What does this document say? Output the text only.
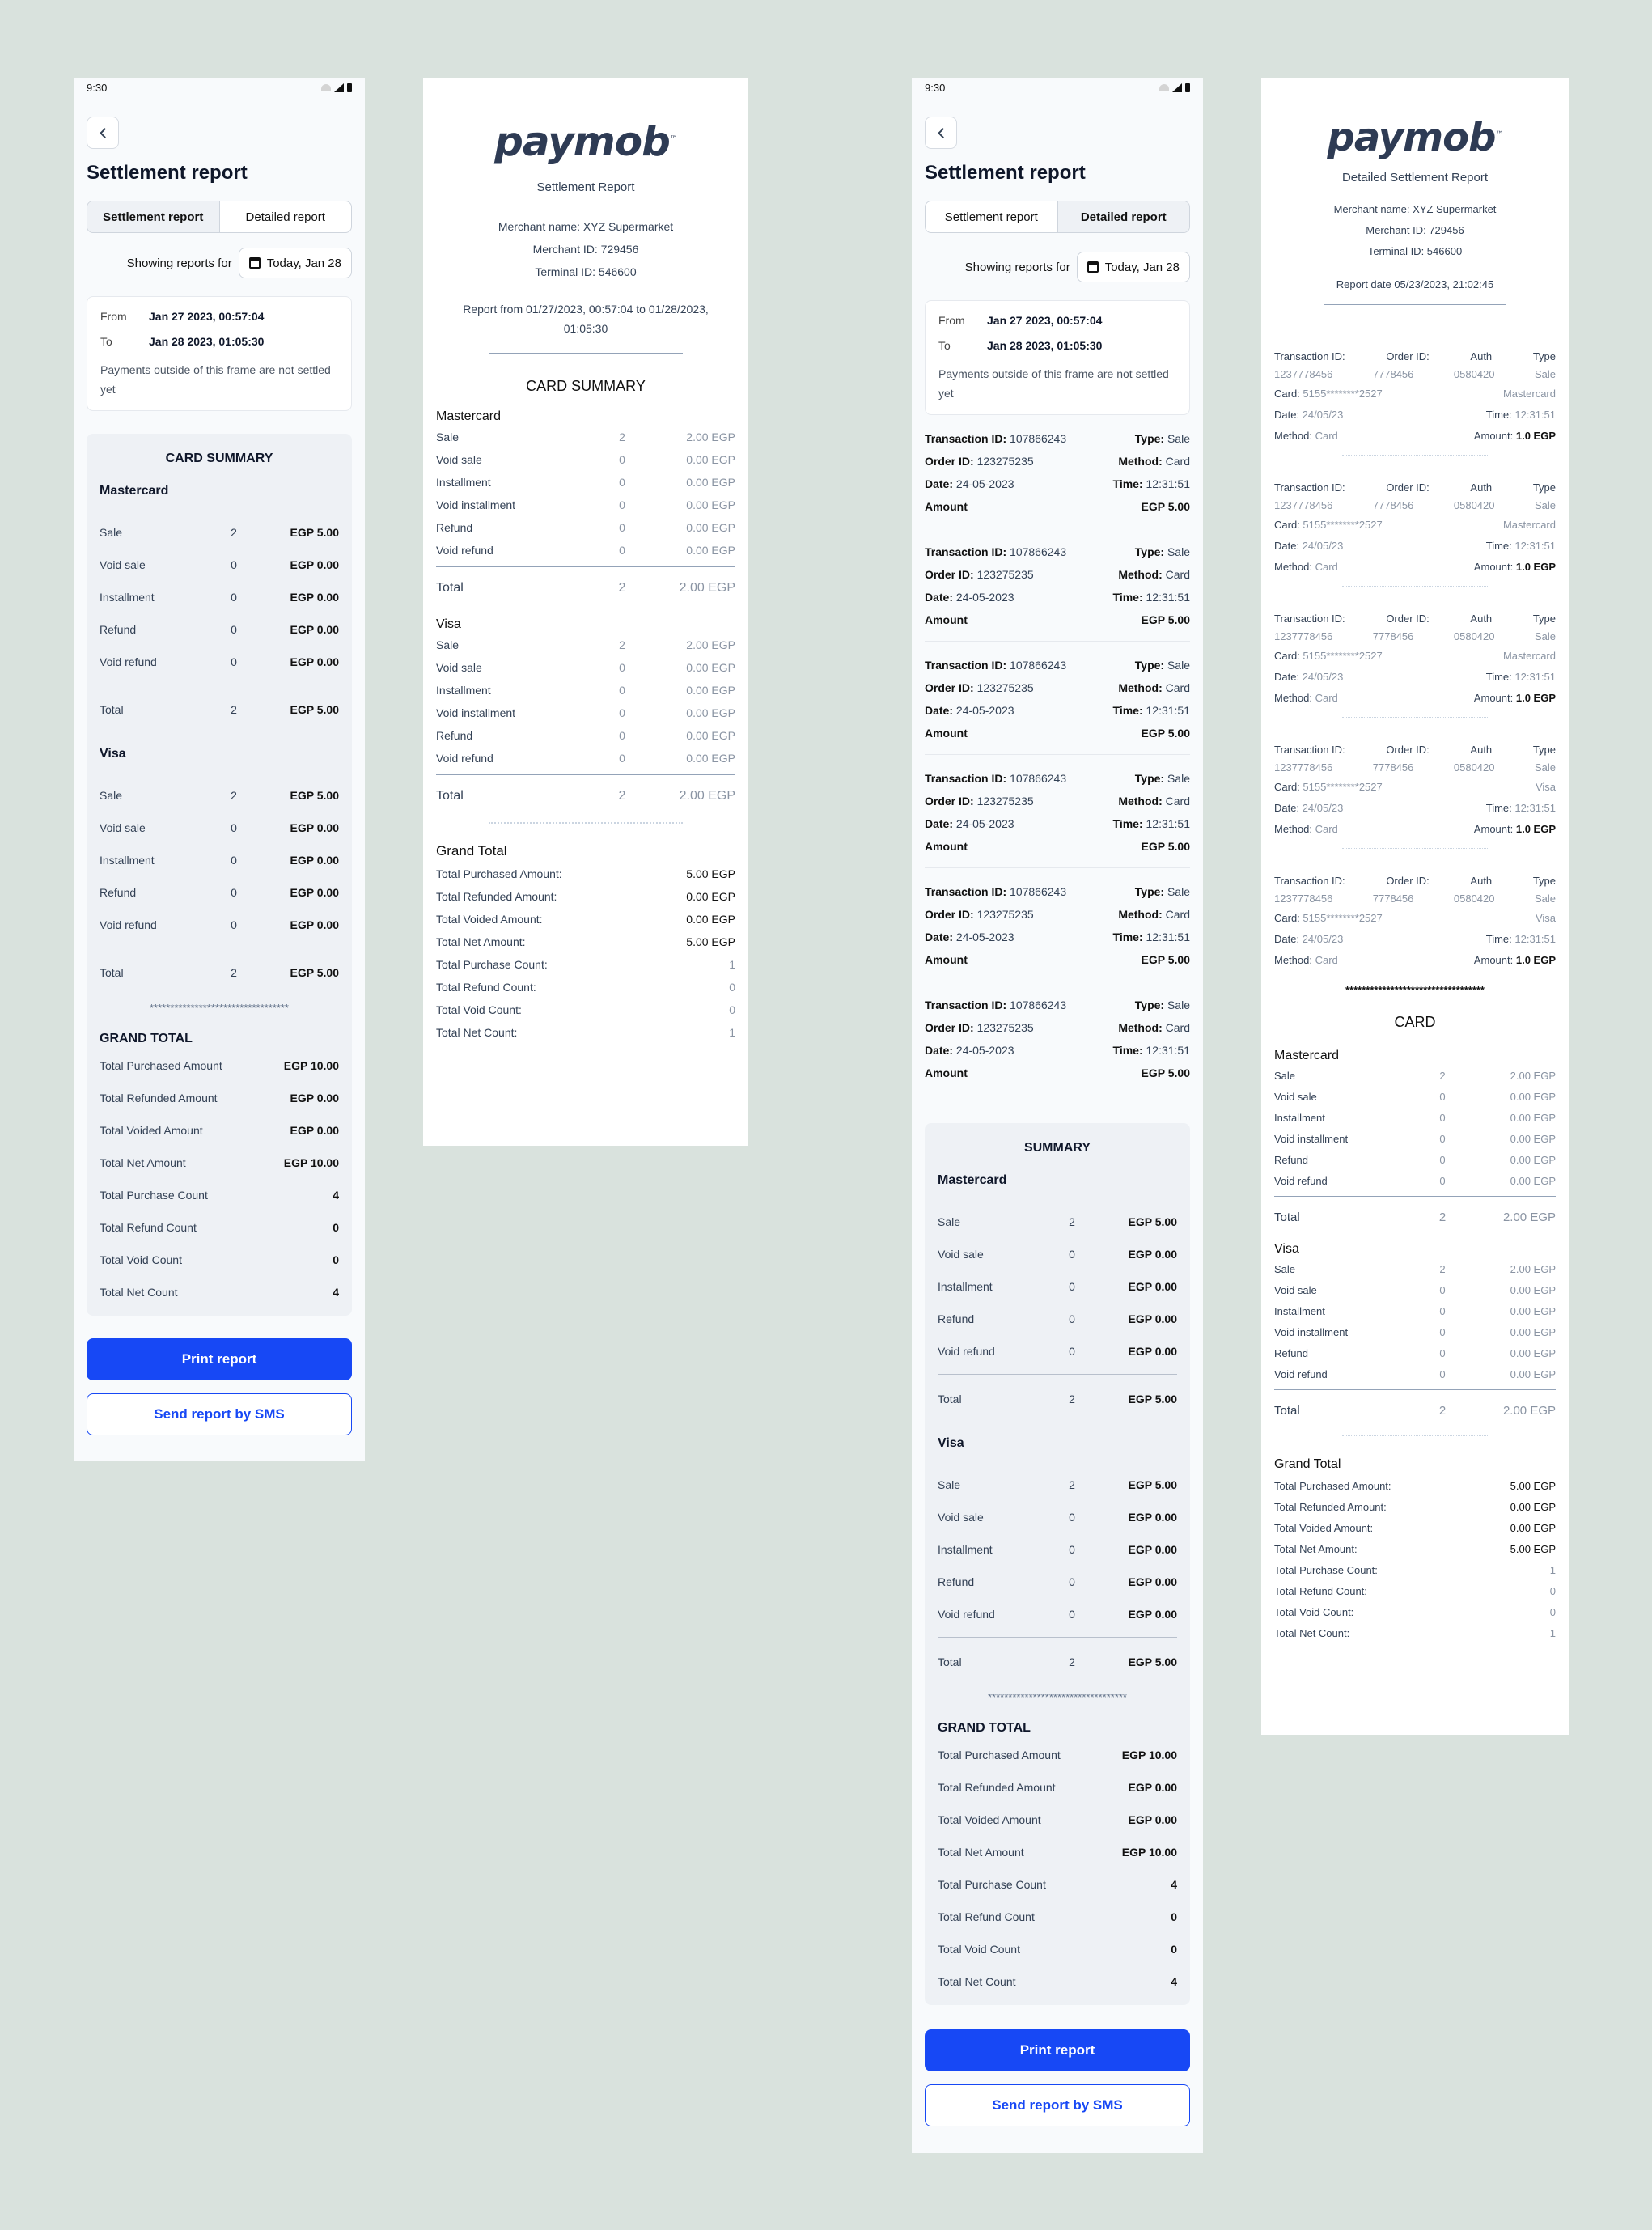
9:30
Settlement report
Settlement report	Detailed report
Showing reports for	Today, Jan 28
From	Jan 27 2023, 00:57:04
To	Jan 28 2023, 01:05:30
Payments outside of this frame are not settled yet
CARD SUMMARY
Mastercard
Sale	2	EGP 5.00
Void sale	0	EGP 0.00
Installment	0	EGP 0.00
Refund	0	EGP 0.00
Void refund	0	EGP 0.00
Total	2	EGP 5.00
Visa
Sale	2	EGP 5.00
Void sale	0	EGP 0.00
Installment	0	EGP 0.00
Refund	0	EGP 0.00
Void refund	0	EGP 0.00
Total	2	EGP 5.00
**********************************
GRAND TOTAL
Total Purchased Amount	EGP 10.00
Total Refunded Amount	EGP 0.00
Total Voided Amount	EGP 0.00
Total Net Amount	EGP 10.00
Total Purchase Count	4
Total Refund Count	0
Total Void Count	0
Total Net Count	4
Print report
Send report by SMS
paymob™
Settlement Report
Merchant name: XYZ Supermarket
Merchant ID: 729456
Terminal ID: 546600
Report from 01/27/2023, 00:57:04 to 01/28/2023, 01:05:30
CARD SUMMARY
Mastercard
Sale	2	2.00 EGP
Void sale	0	0.00 EGP
Installment	0	0.00 EGP
Void installment	0	0.00 EGP
Refund	0	0.00 EGP
Void refund	0	0.00 EGP
Total	2	2.00 EGP
Visa
Sale	2	2.00 EGP
Void sale	0	0.00 EGP
Installment	0	0.00 EGP
Void installment	0	0.00 EGP
Refund	0	0.00 EGP
Void refund	0	0.00 EGP
Total	2	2.00 EGP
Grand Total
Total Purchased Amount:	5.00 EGP
Total Refunded Amount:	0.00 EGP
Total Voided Amount:	0.00 EGP
Total Net Amount:	5.00 EGP
Total Purchase Count:	1
Total Refund Count:	0
Total Void Count:	0
Total Net Count:	1
9:30
Settlement report
Settlement report	Detailed report
Showing reports for	Today, Jan 28
From	Jan 27 2023, 00:57:04
To	Jan 28 2023, 01:05:30
Payments outside of this frame are not settled yet
Transaction ID: 107866243	Type: Sale
Order ID: 123275235	Method: Card
Date: 24-05-2023	Time: 12:31:51
Amount	EGP 5.00
Transaction ID: 107866243	Type: Sale
Order ID: 123275235	Method: Card
Date: 24-05-2023	Time: 12:31:51
Amount	EGP 5.00
Transaction ID: 107866243	Type: Sale
Order ID: 123275235	Method: Card
Date: 24-05-2023	Time: 12:31:51
Amount	EGP 5.00
Transaction ID: 107866243	Type: Sale
Order ID: 123275235	Method: Card
Date: 24-05-2023	Time: 12:31:51
Amount	EGP 5.00
Transaction ID: 107866243	Type: Sale
Order ID: 123275235	Method: Card
Date: 24-05-2023	Time: 12:31:51
Amount	EGP 5.00
Transaction ID: 107866243	Type: Sale
Order ID: 123275235	Method: Card
Date: 24-05-2023	Time: 12:31:51
Amount	EGP 5.00
SUMMARY
Mastercard
Sale	2	EGP 5.00
Void sale	0	EGP 0.00
Installment	0	EGP 0.00
Refund	0	EGP 0.00
Void refund	0	EGP 0.00
Total	2	EGP 5.00
Visa
Sale	2	EGP 5.00
Void sale	0	EGP 0.00
Installment	0	EGP 0.00
Refund	0	EGP 0.00
Void refund	0	EGP 0.00
Total	2	EGP 5.00
**********************************
GRAND TOTAL
Total Purchased Amount	EGP 10.00
Total Refunded Amount	EGP 0.00
Total Voided Amount	EGP 0.00
Total Net Amount	EGP 10.00
Total Purchase Count	4
Total Refund Count	0
Total Void Count	0
Total Net Count	4
Print report
Send report by SMS
paymob™
Detailed Settlement Report
Merchant name: XYZ Supermarket
Merchant ID: 729456
Terminal ID: 546600
Report date 05/23/2023, 21:02:45
Transaction ID:	Order ID:	Auth	Type
1237778456	7778456	0580420	Sale
Card: 5155********2527	Mastercard
Date: 24/05/23	Time: 12:31:51
Method: Card	Amount: 1.0 EGP
Transaction ID:	Order ID:	Auth	Type
1237778456	7778456	0580420	Sale
Card: 5155********2527	Mastercard
Date: 24/05/23	Time: 12:31:51
Method: Card	Amount: 1.0 EGP
Transaction ID:	Order ID:	Auth	Type
1237778456	7778456	0580420	Sale
Card: 5155********2527	Mastercard
Date: 24/05/23	Time: 12:31:51
Method: Card	Amount: 1.0 EGP
Transaction ID:	Order ID:	Auth	Type
1237778456	7778456	0580420	Sale
Card: 5155********2527	Visa
Date: 24/05/23	Time: 12:31:51
Method: Card	Amount: 1.0 EGP
Transaction ID:	Order ID:	Auth	Type
1237778456	7778456	0580420	Sale
Card: 5155********2527	Visa
Date: 24/05/23	Time: 12:31:51
Method: Card	Amount: 1.0 EGP
**********************************
CARD
Mastercard
Sale	2	2.00 EGP
Void sale	0	0.00 EGP
Installment	0	0.00 EGP
Void installment	0	0.00 EGP
Refund	0	0.00 EGP
Void refund	0	0.00 EGP
Total	2	2.00 EGP
Visa
Sale	2	2.00 EGP
Void sale	0	0.00 EGP
Installment	0	0.00 EGP
Void installment	0	0.00 EGP
Refund	0	0.00 EGP
Void refund	0	0.00 EGP
Total	2	2.00 EGP
Grand Total
Total Purchased Amount:	5.00 EGP
Total Refunded Amount:	0.00 EGP
Total Voided Amount:	0.00 EGP
Total Net Amount:	5.00 EGP
Total Purchase Count:	1
Total Refund Count:	0
Total Void Count:	0
Total Net Count:	1
